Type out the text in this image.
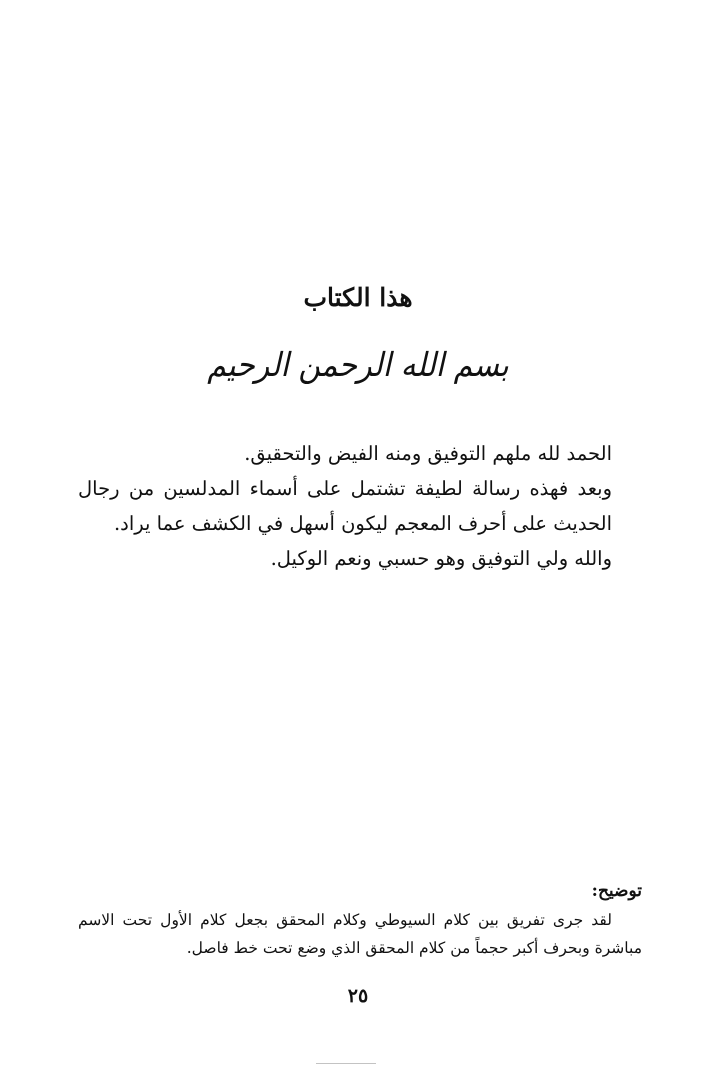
هذا الكتاب
بسم الله الرحمن الرحيم

الحمد لله ملهم التوفيق ومنه الفيض والتحقيق.

وبعد فهذه رسالة لطيفة تشتمل على أسماء المدلسين من رجال الحديث على أحرف المعجم ليكون أسهل في الكشف عما يراد.

والله ولي التوفيق وهو حسبي ونعم الوكيل.

توضيح:

لقد جرى تفريق بين كلام السيوطي وكلام المحقق بجعل كلام الأول تحت الاسم مباشرة وبحرف أكبر حجماً من كلام المحقق الذي وضع تحت خط فاصل.

٢٥
